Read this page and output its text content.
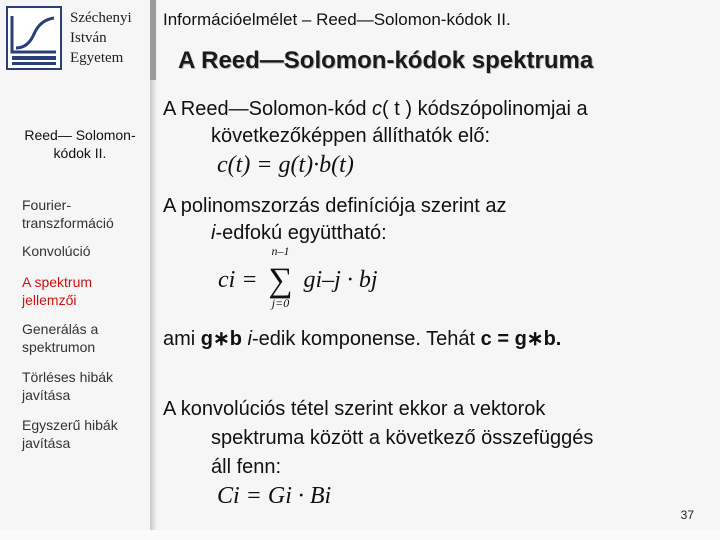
Széchenyi
István
Egyetem
Információelmélet – Reed—Solomon-kódok II.
A Reed—Solomon-kódok spektruma
Reed— Solomon-kódok II.
Fourier-transzformáció
Konvolúció
A spektrum jellemzői
Generálás a spektrumon
Törléses hibák javítása
Egyszerű hibák javítása
A Reed—Solomon-kód c( t ) kódszópolinomjai a
következőképpen állíthatók elő:
c(t) = g(t)·b(t)
A polinomszorzás definíciója szerint az
i-edfokú együttható:
ci =
n–1
∑
j=0
gi–j · bj
ami g∗b i-edik komponense. Tehát c = g∗b.
A konvolúciós tétel szerint ekkor a vektorok
spektruma között a következő összefüggés
áll fenn:
Ci = Gi · Bi
37
